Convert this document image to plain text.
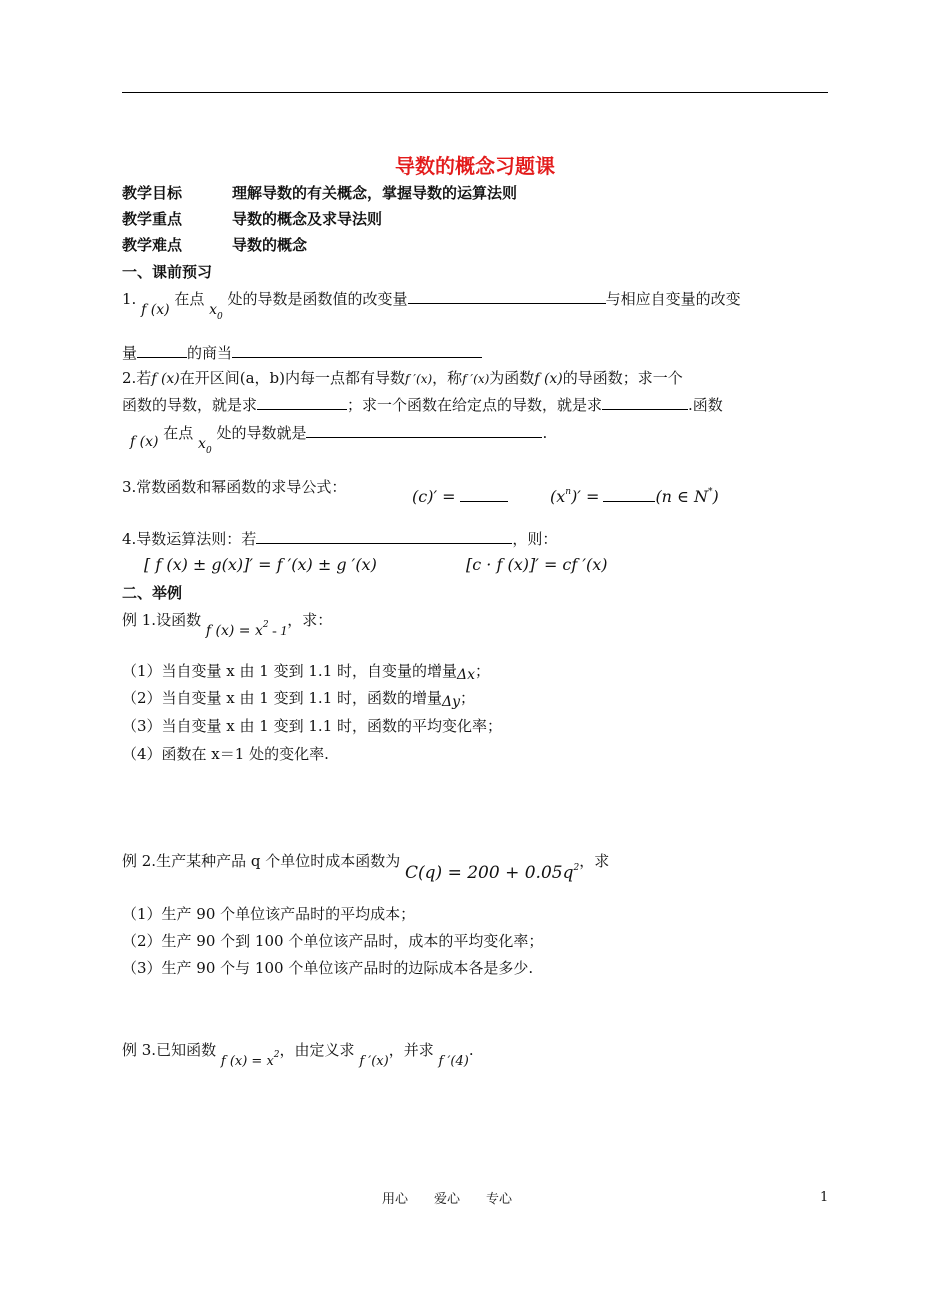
导数的概念习题课
教学目标	理解导数的有关概念，掌握导数的运算法则
教学重点	导数的概念及求导法则
教学难点	导数的概念
一、课前预习
1. f (x) 在点 $x_0$ 处的导数是函数值的改变量	与相应自变量的改变
量	的商当
2.若f (x)在开区间(a，b)内每一点都有导数f ′(x)，称f ′(x)为函数f (x)的导函数；求一个
函数的导数，就是求	；求一个函数在给定点的导数，就是求	.函数
f (x) 在点 $x_0$ 处的导数就是	.
3.常数函数和幂函数的求导公式：	(c)′ =	$(x^n)'$ =	(n ∈ N*)
4.导数运算法则：若	，则：
[ f (x) ± g(x)]′ = f ′(x) ± g ′(x)	[c · f (x)]′ = cf ′(x)
二、举例
例 1.设函数 f $(x) = x^2 - 1$，求：
（1）当自变量 x 由 1 变到 1.1 时，自变量的增量Δx；
（2）当自变量 x 由 1 变到 1.1 时，函数的增量Δy；
（3）当自变量 x 由 1 变到 1.1 时，函数的平均变化率；
（4）函数在 x＝1 处的变化率.
例 2.生产某种产品 q 个单位时成本函数为 $C(q) = 200 + 0.05q^2$，求
（1）生产 90 个单位该产品时的平均成本；
（2）生产 90 个到 100 个单位该产品时，成本的平均变化率；
（3）生产 90 个与 100 个单位该产品时的边际成本各是多少.
例 3.已知函数 f $(x) = x^2$，由定义求 f ′(x)，并求 f ′(4).
用心　　爱心　　专心	1
